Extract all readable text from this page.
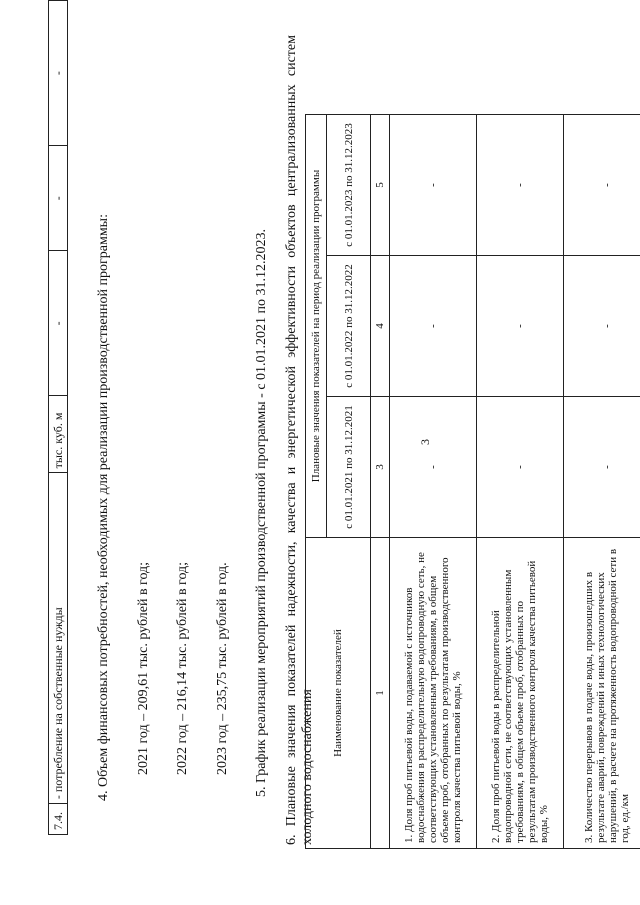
3
7.4.	- потребление на собственные нужды	тыс. куб. м	-	-	-
4. Объем финансовых потребностей, необходимых для реализации производственной программы: 2021 год – 209,61 тыс. рублей в год; 2022 год – 216,14 тыс. рублей в год; 2023 год – 235,75 тыс. рублей в год. 5. График реализации мероприятий производственной программы - с 01.01.2021 по 31.12.2023. 6. Плановые значения показателей надежности, качества и энергетической эффективности объектов централизованных систем холодного водоснабжения Наименование показателей	Плановые значения показателей на период реализации программы		
	с 01.01.2021 по 31.12.2021	с 01.01.2022 по 31.12.2022	с 01.01.2023 по 31.12.2023
1	3	4	5
1. Доля проб питьевой воды, подаваемой с источников водоснабжения в распределительную водопроводную сеть, не соответствующих установленным требованиям, в общем объеме проб, отобранных по результатам производственного контроля качества питьевой воды, %	-	-	-
2. Доля проб питьевой воды в распределительной водопроводной сети, не соответствующих установленным требованиям, в общем объеме проб, отобранных по результатам производственного контроля качества питьевой воды, %	-	-	-
3. Количество перерывов в подаче воды, произошедших в результате аварий, повреждений и иных технологических нарушений, в расчете на протяженность водопроводной сети в год, ед./км	-	-	-
